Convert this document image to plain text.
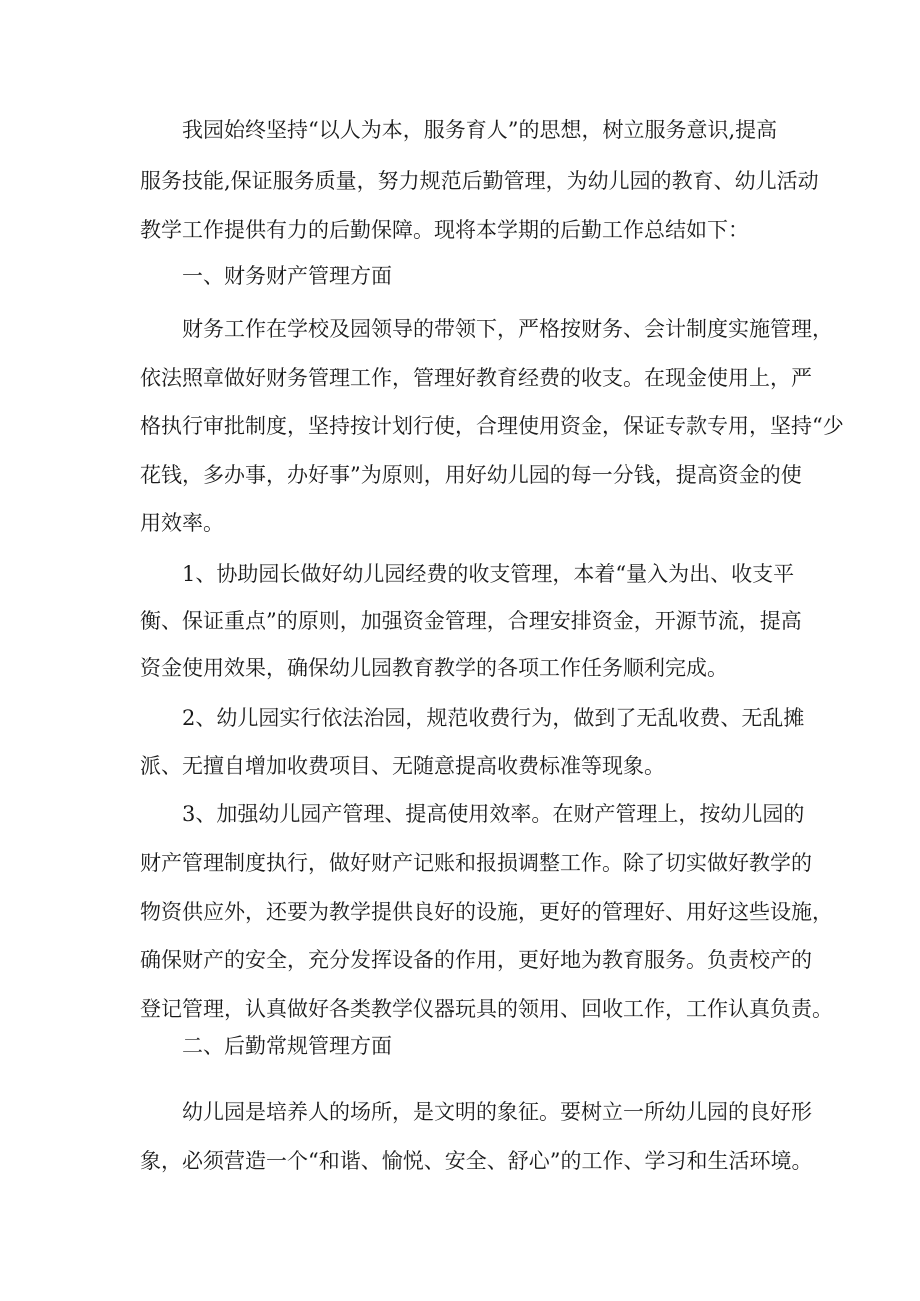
我园始终坚持“以人为本，服务育人”的思想，树立服务意识,提高
服务技能,保证服务质量，努力规范后勤管理，为幼儿园的教育、幼儿活动
教学工作提供有力的后勤保障。现将本学期的后勤工作总结如下：
一、财务财产管理方面
财务工作在学校及园领导的带领下，严格按财务、会计制度实施管理，
依法照章做好财务管理工作，管理好教育经费的收支。在现金使用上，严
格执行审批制度，坚持按计划行使，合理使用资金，保证专款专用，坚持“少
花钱，多办事，办好事”为原则，用好幼儿园的每一分钱，提高资金的使
用效率。
1、协助园长做好幼儿园经费的收支管理，本着“量入为出、收支平
衡、保证重点”的原则，加强资金管理，合理安排资金，开源节流，提高
资金使用效果，确保幼儿园教育教学的各项工作任务顺利完成。
2、幼儿园实行依法治园，规范收费行为，做到了无乱收费、无乱摊
派、无擅自增加收费项目、无随意提高收费标准等现象。
3、加强幼儿园产管理、提高使用效率。在财产管理上，按幼儿园的
财产管理制度执行，做好财产记账和报损调整工作。除了切实做好教学的
物资供应外，还要为教学提供良好的设施，更好的管理好、用好这些设施，
确保财产的安全，充分发挥设备的作用，更好地为教育服务。负责校产的
登记管理，认真做好各类教学仪器玩具的领用、回收工作，工作认真负责。
二、后勤常规管理方面
幼儿园是培养人的场所，是文明的象征。要树立一所幼儿园的良好形
象，必须营造一个“和谐、愉悦、安全、舒心”的工作、学习和生活环境。
